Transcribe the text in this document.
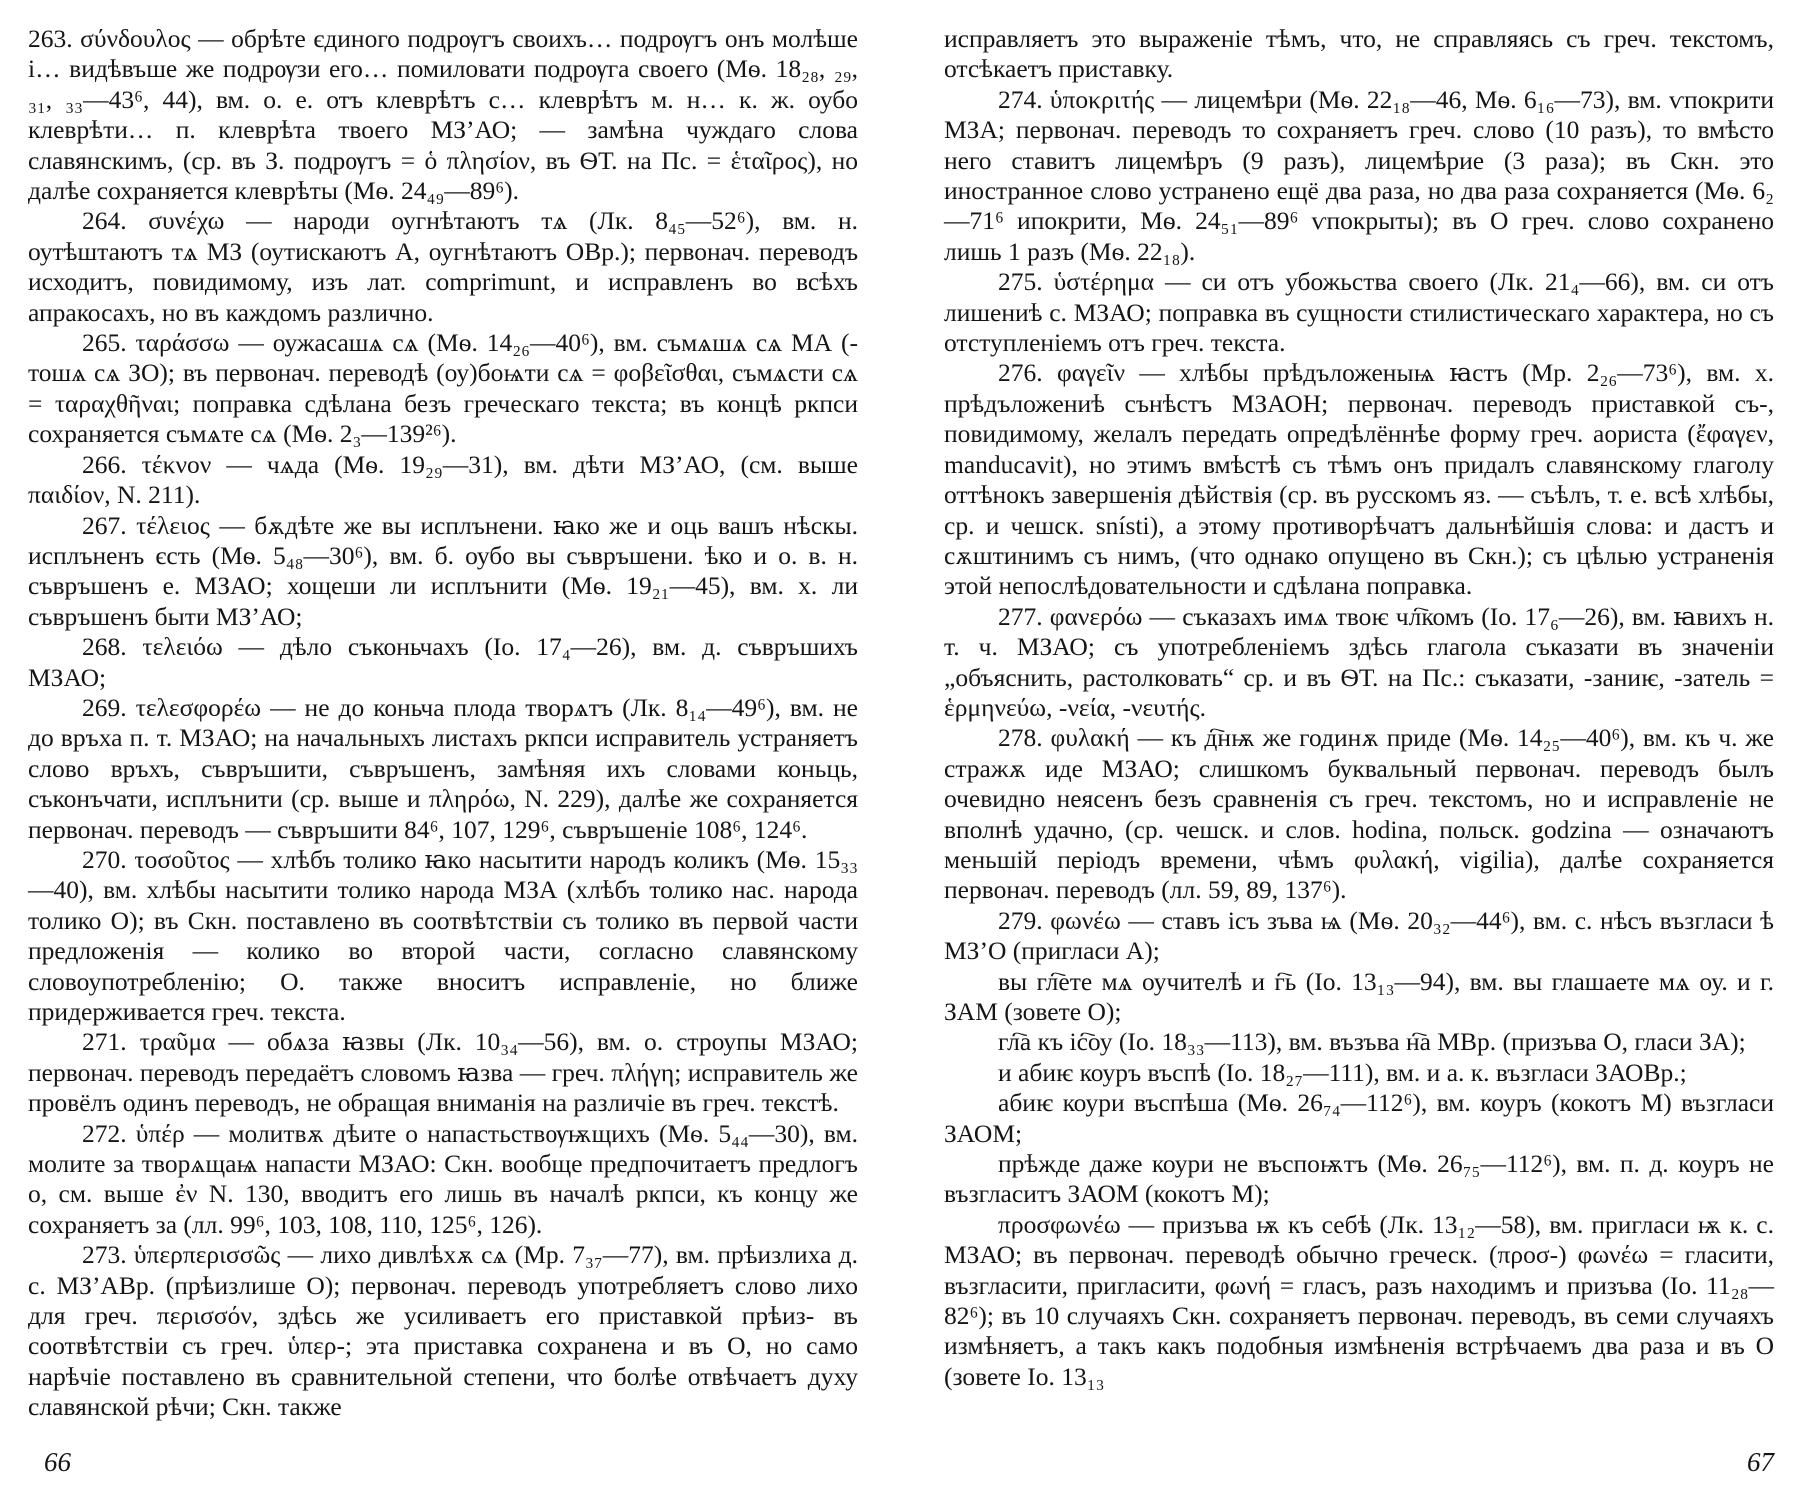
263. σύνδουλος — обрѣте єдиного подрѹгъ своихъ… подрѹгъ онъ молѣше і… видѣвъше же подрѹзи его… помиловати подрѹга своего (Мѳ. 18₂₈, ₂₉, ₃₁, ₃₃—43⁶, 44), вм. о. е. отъ клеврѣтъ с… клеврѣтъ м. н… к. ж. оубо клеврѣти… п. клеврѣта твоего МЗ’АО; — замѣна чуждаго слова славянскимъ, (ср. въ З. подрѹгъ = ὁ πλησίον, въ ѲТ. на Пс. = ἑταῖρος), но далѣе сохраняется клеврѣты (Мѳ. 24₄₉—89⁶).

264. συνέχω — народи оугнѣтаютъ тѧ (Лк. 8₄₅—52⁶), вм. н. оутѣштаютъ тѧ МЗ (оутискаютъ А, оугнѣтаютъ ОВр.); первонач. переводъ исходитъ, повидимому, изъ лат. comprimunt, и исправленъ во всѣхъ апракосахъ, но въ каждомъ различно.

265. ταράσσω — оужасашѧ сѧ (Мѳ. 14₂₆—40⁶), вм. съмѧшѧ сѧ МА (-тошѧ сѧ ЗО); въ первонач. переводѣ (оу)боѩти сѧ = φοβεῖσθαι, съмѧсти сѧ = ταραχθῆναι; поправка сдѣлана безъ греческаго текста; въ концѣ ркпси сохраняется съмѧте сѧ (Мѳ. 2₃—139²⁶).

266. τέκνον — чѧда (Мѳ. 19₂₉—31), вм. дѣти МЗ’АО, (см. выше παιδίον, N. 211).

267. τέλειος — бѫдѣте же вы исплънени. ꙗко же и оць вашъ нѣскы. исплъненъ єсть (Мѳ. 5₄₈—30⁶), вм. б. оубо вы съвръшени. ѣко и о. в. н. съвръшенъ е. МЗАО; хощеши ли исплънити (Мѳ. 19₂₁—45), вм. х. ли съвръшенъ быти МЗ’АО;

268. τελειόω — дѣло съконьчахъ (Іо. 17₄—26), вм. д. съвръшихъ МЗАО;

269. τελεσφορέω — не до коньча плода творѧтъ (Лк. 8₁₄—49⁶), вм. не до връха п. т. МЗАО; на начальныхъ листахъ ркпси исправитель устраняетъ слово връхъ, съвръшити, съвръшенъ, замѣняя ихъ словами коньць, съконъчати, исплънити (ср. выше и πληρόω, N. 229), далѣе же сохраняется первонач. переводъ — съвръшити 84⁶, 107, 129⁶, съвръшеніе 108⁶, 124⁶.

270. τοσοῦτος — хлѣбъ толико ꙗко насытити народъ коликъ (Мѳ. 15₃₃—40), вм. хлѣбы насытити толико народа МЗА (хлѣбъ толико нас. народа толико О); въ Скн. поставлено въ соотвѣтствіи съ толико въ первой части предложенія — колико во второй части, согласно славянскому словоупотребленію; О. также вноситъ исправленіе, но ближе придерживается греч. текста.

271. τραῦμα — обѧза ꙗзвы (Лк. 10₃₄—56), вм. о. строупы МЗАО; первонач. переводъ передаётъ словомъ ꙗзва — греч. πλήγη; исправитель же провёлъ одинъ переводъ, не обращая вниманія на различіе въ греч. текстѣ.

272. ὑπέρ — молитвѫ дѣите о напастьствѹѭщихъ (Мѳ. 5₄₄—30), вм. молите за творѧщаѩ напасти МЗАО: Скн. вообще предпочитаетъ предлогъ о, см. выше ἐν N. 130, вводитъ его лишь въ началѣ ркпси, къ концу же сохраняетъ за (лл. 99⁶, 103, 108, 110, 125⁶, 126).

273. ὑπερπερισσῶς — лихо дивлѣхѫ сѧ (Мр. 7₃₇—77), вм. прѣизлиха д. с. МЗ’АВр. (прѣизлише О); первонач. переводъ употребляетъ слово лихо для греч. περισσόν, здѣсь же усиливаетъ его приставкой прѣиз- въ соотвѣтствіи съ греч. ὑπερ-; эта приставка сохранена и въ О, но само нарѣчіе поставлено въ сравнительной степени, что болѣе отвѣчаетъ духу славянской рѣчи; Скн. также

исправляетъ это выраженіе тѣмъ, что, не справляясь съ греч. текстомъ, отсѣкаетъ приставку.

274. ὑποκριτής — лицемѣри (Мѳ. 22₁₈—46, Мѳ. 6₁₆—73), вм. ѵпокрити МЗА; первонач. переводъ то сохраняетъ греч. слово (10 разъ), то вмѣсто него ставитъ лицемѣръ (9 разъ), лицемѣрие (3 раза); въ Скн. это иностранное слово устранено ещё два раза, но два раза сохраняется (Мѳ. 6₂—71⁶ ипокрити, Мѳ. 24₅₁—89⁶ ѵпокрыты); въ О греч. слово сохранено лишь 1 разъ (Мѳ. 22₁₈).

275. ὑστέρημα — си отъ убожьства своего (Лк. 21₄—66), вм. си отъ лишениѣ с. МЗАО; поправка въ сущности стилистическаго характера, но съ отступленіемъ отъ греч. текста.

276. φαγεῖν — хлѣбы прѣдъложеныѩ ꙗстъ (Мр. 2₂₆—73⁶), вм. х. прѣдъложениѣ сънѣстъ МЗАОН; первонач. переводъ приставкой съ-, повидимому, желалъ передать опредѣлённѣе форму греч. аориста (ἔφαγεν, manducavit), но этимъ вмѣстѣ съ тѣмъ онъ придалъ славянскому глаголу оттѣнокъ завершенія дѣйствія (ср. въ русскомъ яз. — съѣлъ, т. е. всѣ хлѣбы, ср. и чешск. snísti), а этому противорѣчатъ дальнѣйшія слова: и дастъ и сѫштинимъ съ нимъ, (что однако опущено въ Скн.); съ цѣлью устраненія этой непослѣдовательности и сдѣлана поправка.

277. φανερόω — съказахъ имѧ твоѥ чл҇комъ (Іо. 17₆—26), вм. ꙗвихъ н. т. ч. МЗАО; съ употребленіемъ здѣсь глагола съказати въ значеніи „объяснить, растолковать“ ср. и въ ѲТ. на Пс.: съказати, -заниѥ, -затель = ἑρμηνεύω, -νεία, -νευτής.

278. φυλακή — къ д҇нѭ же годинѫ приде (Мѳ. 14₂₅—40⁶), вм. къ ч. же стражѫ иде МЗАО; слишкомъ буквальный первонач. переводъ былъ очевидно неясенъ безъ сравненія съ греч. текстомъ, но и исправленіе не вполнѣ удачно, (ср. чешск. и слов. hodina, польск. godzina — означаютъ меньшій періодъ времени, чѣмъ φυλακή, vigilia), далѣе сохраняется первонач. переводъ (лл. 59, 89, 137⁶).

279. φωνέω — ставъ ісъ зъва ѩ (Мѳ. 20₃₂—44⁶), вм. с. нѣсъ възгласи ѣ МЗ’О (пригласи А);

вы гл҇ете мѧ оучителѣ и г҇ь (Іо. 13₁₃—94), вм. вы глашаете мѧ оу. и г. ЗАМ (зовете О);

гл҇а къ іс҇оу (Іо. 18₃₃—113), вм. възъва н҇а МВр. (призъва О, гласи ЗА);

и абиѥ коуръ въспѣ (Іо. 18₂₇—111), вм. и а. к. възгласи ЗАОВр.;

абиѥ коури въспѣша (Мѳ. 26₇₄—112⁶), вм. коуръ (кокотъ М) възгласи ЗАОМ;

прѣжде даже коури не въспоѭтъ (Мѳ. 26₇₅—112⁶), вм. п. д. коуръ не възгласитъ ЗАОМ (кокотъ М);

προσφωνέω — призъва ѭ къ себѣ (Лк. 13₁₂—58), вм. пригласи ѭ к. с. МЗАО; въ первонач. переводѣ обычно греческ. (προσ-) φωνέω = гласити, възгласити, пригласити, φωνή = гласъ, разъ находимъ и призъва (Іо. 11₂₈—82⁶); въ 10 случаяхъ Скн. сохраняетъ первонач. переводъ, въ семи случаяхъ измѣняетъ, а такъ какъ подобныя измѣненія встрѣчаемъ два раза и въ О (зовете Іо. 13₁₃

66	67
